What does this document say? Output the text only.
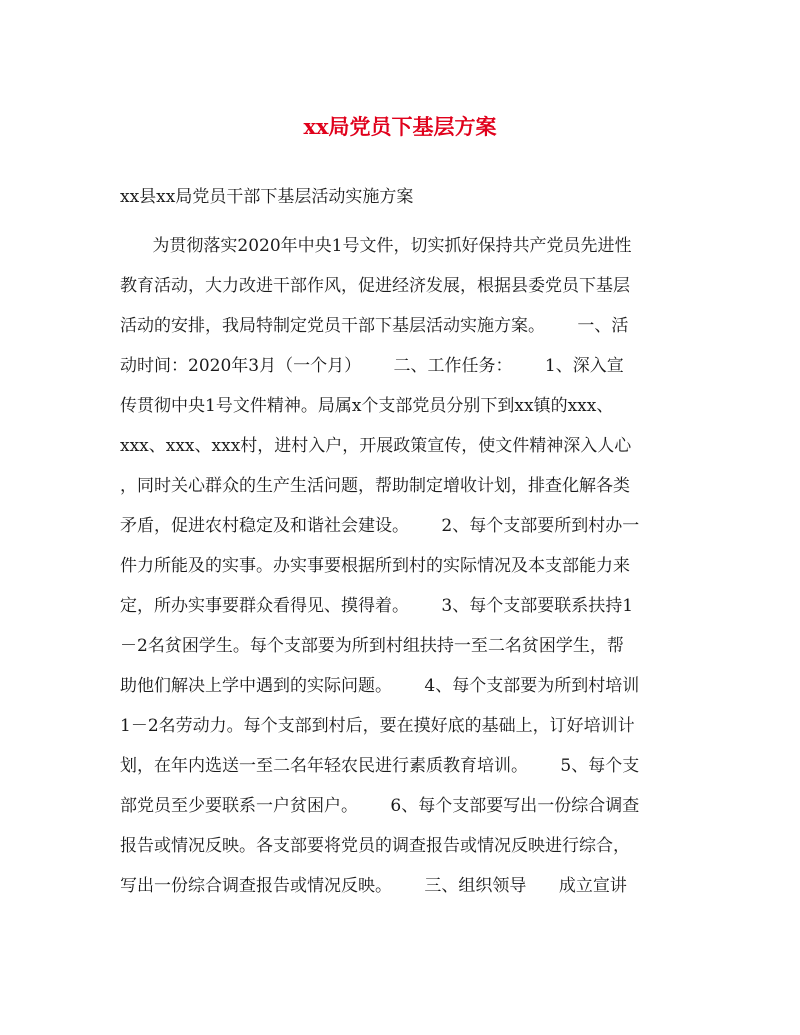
xx局党员下基层方案

xx县xx局党员干部下基层活动实施方案

为贯彻落实2020年中央1号文件，切实抓好保持共产党员先进性
教育活动，大力改进干部作风，促进经济发展，根据县委党员下基层
活动的安排，我局特制定党员干部下基层活动实施方案。      一、活
动时间：2020年3月（一个月）      二、工作任务：      1、深入宣
传贯彻中央1号文件精神。局属x个支部党员分别下到xx镇的xxx、
xxx、xxx、xxx村，进村入户，开展政策宣传，使文件精神深入人心
，同时关心群众的生产生活问题，帮助制定增收计划，排查化解各类
矛盾，促进农村稳定及和谐社会建设。      2、每个支部要所到村办一
件力所能及的实事。办实事要根据所到村的实际情况及本支部能力来
定，所办实事要群众看得见、摸得着。      3、每个支部要联系扶持1
－2名贫困学生。每个支部要为所到村组扶持一至二名贫困学生，帮
助他们解决上学中遇到的实际问题。      4、每个支部要为所到村培训
1－2名劳动力。每个支部到村后，要在摸好底的基础上，订好培训计
划，在年内选送一至二名年轻农民进行素质教育培训。      5、每个支
部党员至少要联系一户贫困户。      6、每个支部要写出一份综合调查
报告或情况反映。各支部要将党员的调查报告或情况反映进行综合，
写出一份综合调查报告或情况反映。      三、组织领导      成立宣讲
